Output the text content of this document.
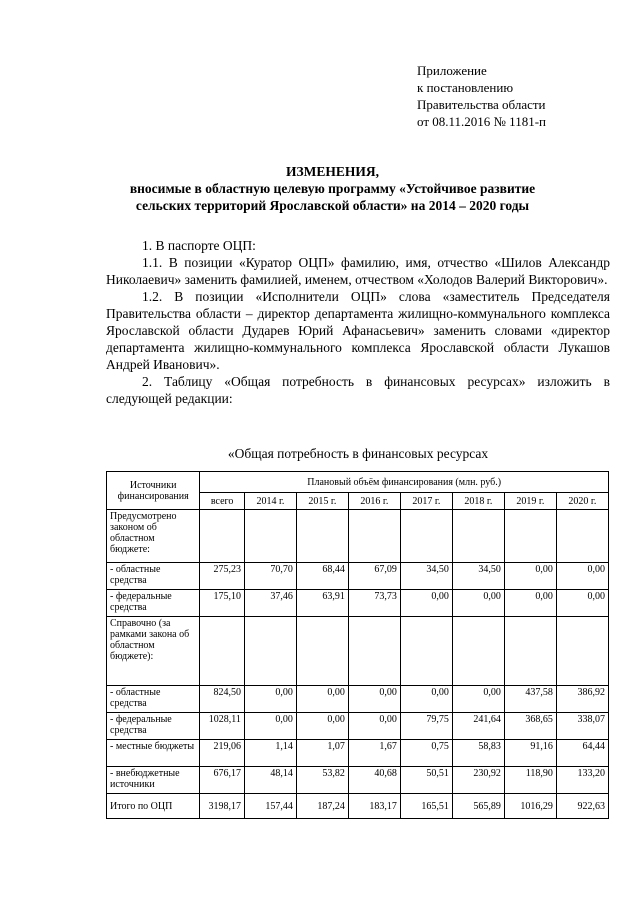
Приложение
к постановлению
Правительства области
от 08.11.2016 № 1181-п
ИЗМЕНЕНИЯ,
вносимые в областную целевую программу «Устойчивое развитие
сельских территорий Ярославской области» на 2014 – 2020 годы

1. В паспорте ОЦП:

1.1. В позиции «Куратор ОЦП» фамилию, имя, отчество «Шилов Александр Николаевич» заменить фамилией, именем, отчеством «Холодов Валерий Викторович».

1.2. В позиции «Исполнители ОЦП» слова «заместитель Председателя Правительства области – директор департамента жилищно-коммунального комплекса Ярославской области Дударев Юрий Афанасьевич» заменить словами «директор департамента жилищно-коммунального комплекса Ярославской области Лукашов Андрей Иванович».

2. Таблицу «Общая потребность в финансовых ресурсах» изложить в следующей редакции:

«Общая потребность в финансовых ресурсах
Источники финансирования	Плановый объём финансирования (млн. руб.)							
	всего	2014 г.	2015 г.	2016 г.	2017 г.	2018 г.	2019 г.	2020 г.
Предусмотрено законом об областном бюджете:								
- областные средства	275,23	70,70	68,44	67,09	34,50	34,50	0,00	0,00
- федеральные средства	175,10	37,46	63,91	73,73	0,00	0,00	0,00	0,00
Справочно (за рамками закона об областном бюджете):								
- областные средства	824,50	0,00	0,00	0,00	0,00	0,00	437,58	386,92
- федеральные средства	1028,11	0,00	0,00	0,00	79,75	241,64	368,65	338,07
- местные бюджеты	219,06	1,14	1,07	1,67	0,75	58,83	91,16	64,44
- внебюджетные источники	676,17	48,14	53,82	40,68	50,51	230,92	118,90	133,20
Итого по ОЦП	3198,17	157,44	187,24	183,17	165,51	565,89	1016,29	922,63
